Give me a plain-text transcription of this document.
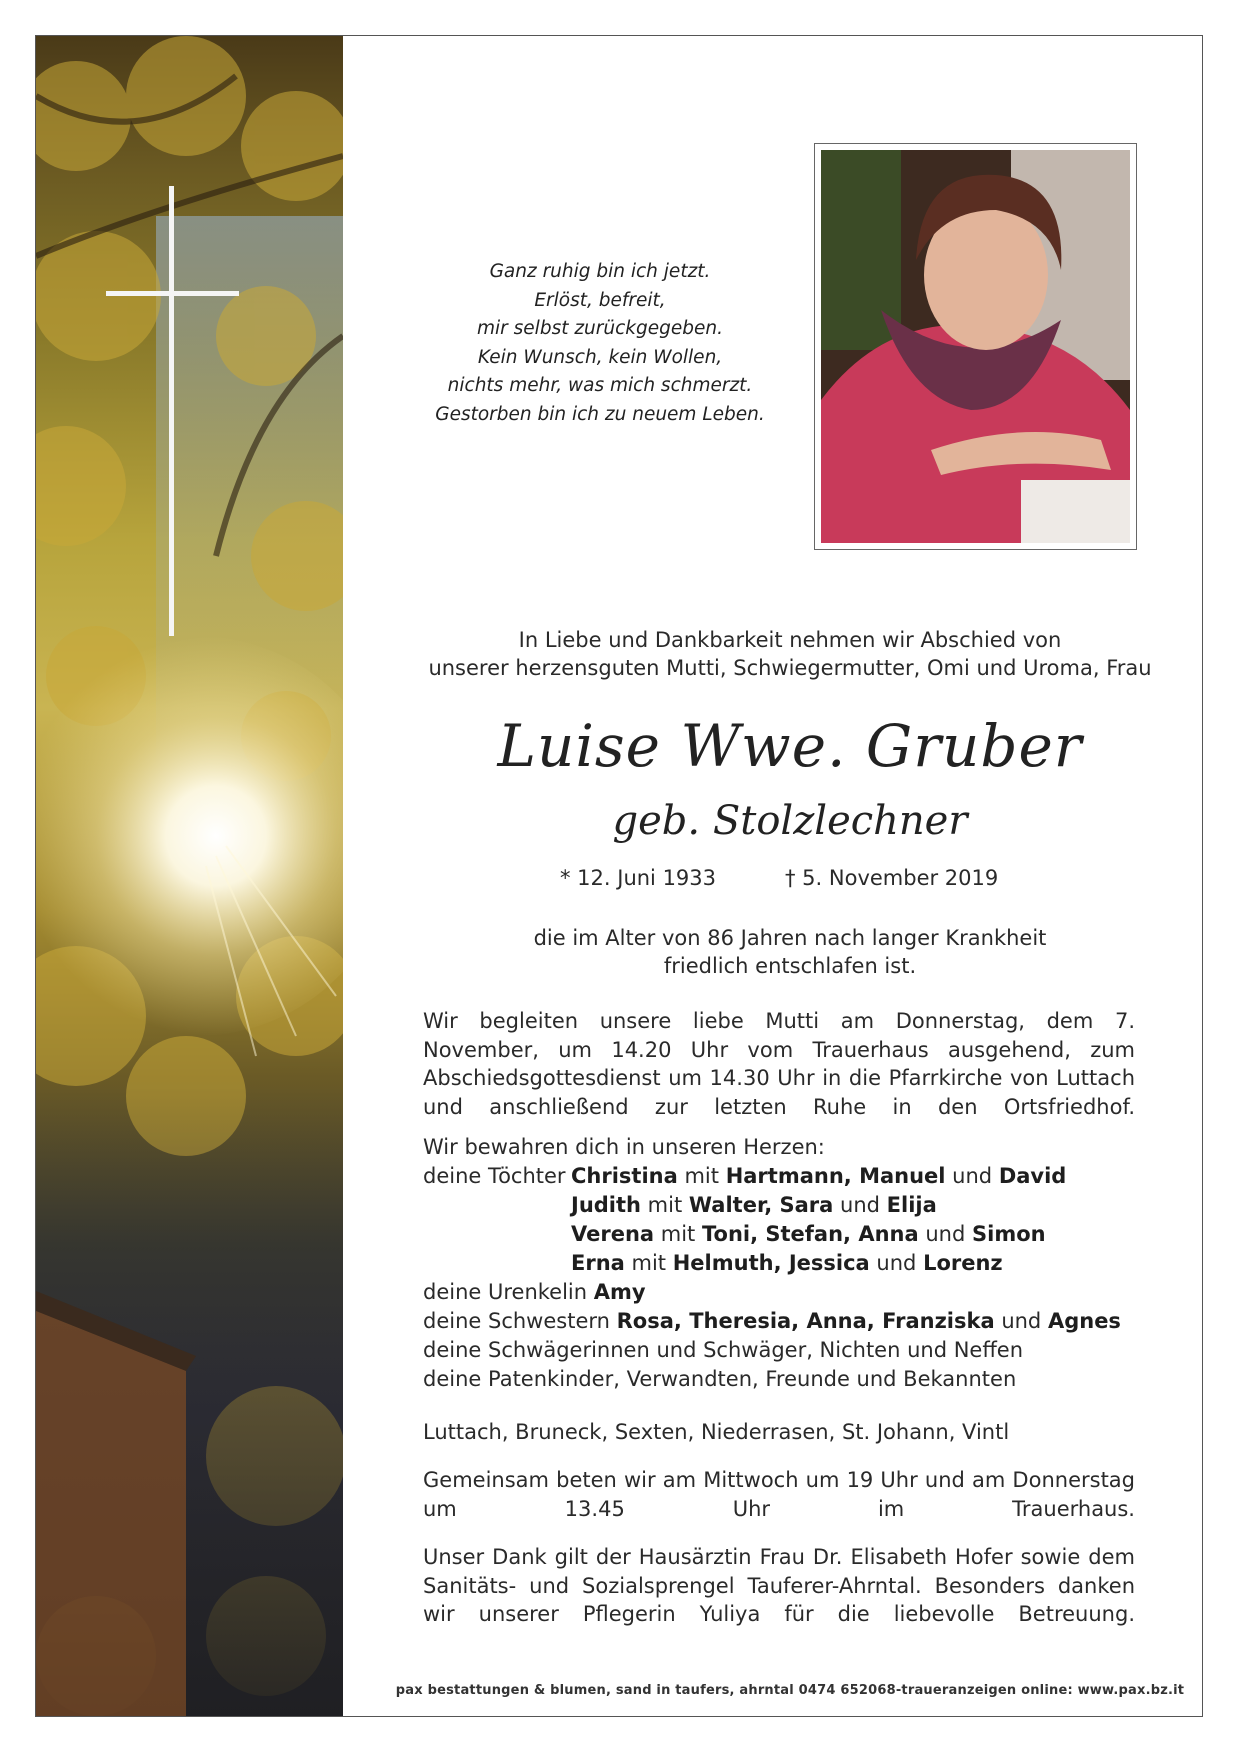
Ganz ruhig bin ich jetzt.
Erlöst, befreit,
mir selbst zurückgegeben.
Kein Wunsch, kein Wollen,
nichts mehr, was mich schmerzt.
Gestorben bin ich zu neuem Leben.
In Liebe und Dankbarkeit nehmen wir Abschied von
unserer herzensguten Mutti, Schwiegermutter, Omi und Uroma, Frau
Luise Wwe. Gruber
geb. Stolzlechner
* 12. Juni 1933	† 5. November 2019
die im Alter von 86 Jahren nach langer Krankheit
friedlich entschlafen ist.
Wir begleiten unsere liebe Mutti am Donnerstag, dem 7. November, um 14.20 Uhr vom Trauerhaus ausgehend, zum Abschiedsgottesdienst um 14.30 Uhr in die Pfarrkirche von Luttach und anschließend zur letzten Ruhe in den Ortsfriedhof.
Wir bewahren dich in unseren Herzen:
deine Töchter Christina mit Hartmann, Manuel und David
Judith mit Walter, Sara und Elija
Verena mit Toni, Stefan, Anna und Simon
Erna mit Helmuth, Jessica und Lorenz
deine Urenkelin
Amy
deine Schwestern
Rosa, Theresia, Anna, Franziska
und
Agnes
deine Schwägerinnen und Schwäger, Nichten und Neffen
deine Patenkinder, Verwandten, Freunde und Bekannten
Luttach, Bruneck, Sexten, Niederrasen, St. Johann, Vintl
Gemeinsam beten wir am Mittwoch um 19 Uhr und am Donnerstag um 13.45 Uhr im Trauerhaus.
Unser Dank gilt der Hausärztin Frau Dr. Elisabeth Hofer sowie dem Sanitäts- und Sozialsprengel Tauferer-Ahrntal. Besonders danken wir unserer Pflegerin Yuliya für die liebevolle Betreuung.
pax bestattungen & blumen, sand in taufers, ahrntal 0474 652068-traueranzeigen online: www.pax.bz.it
